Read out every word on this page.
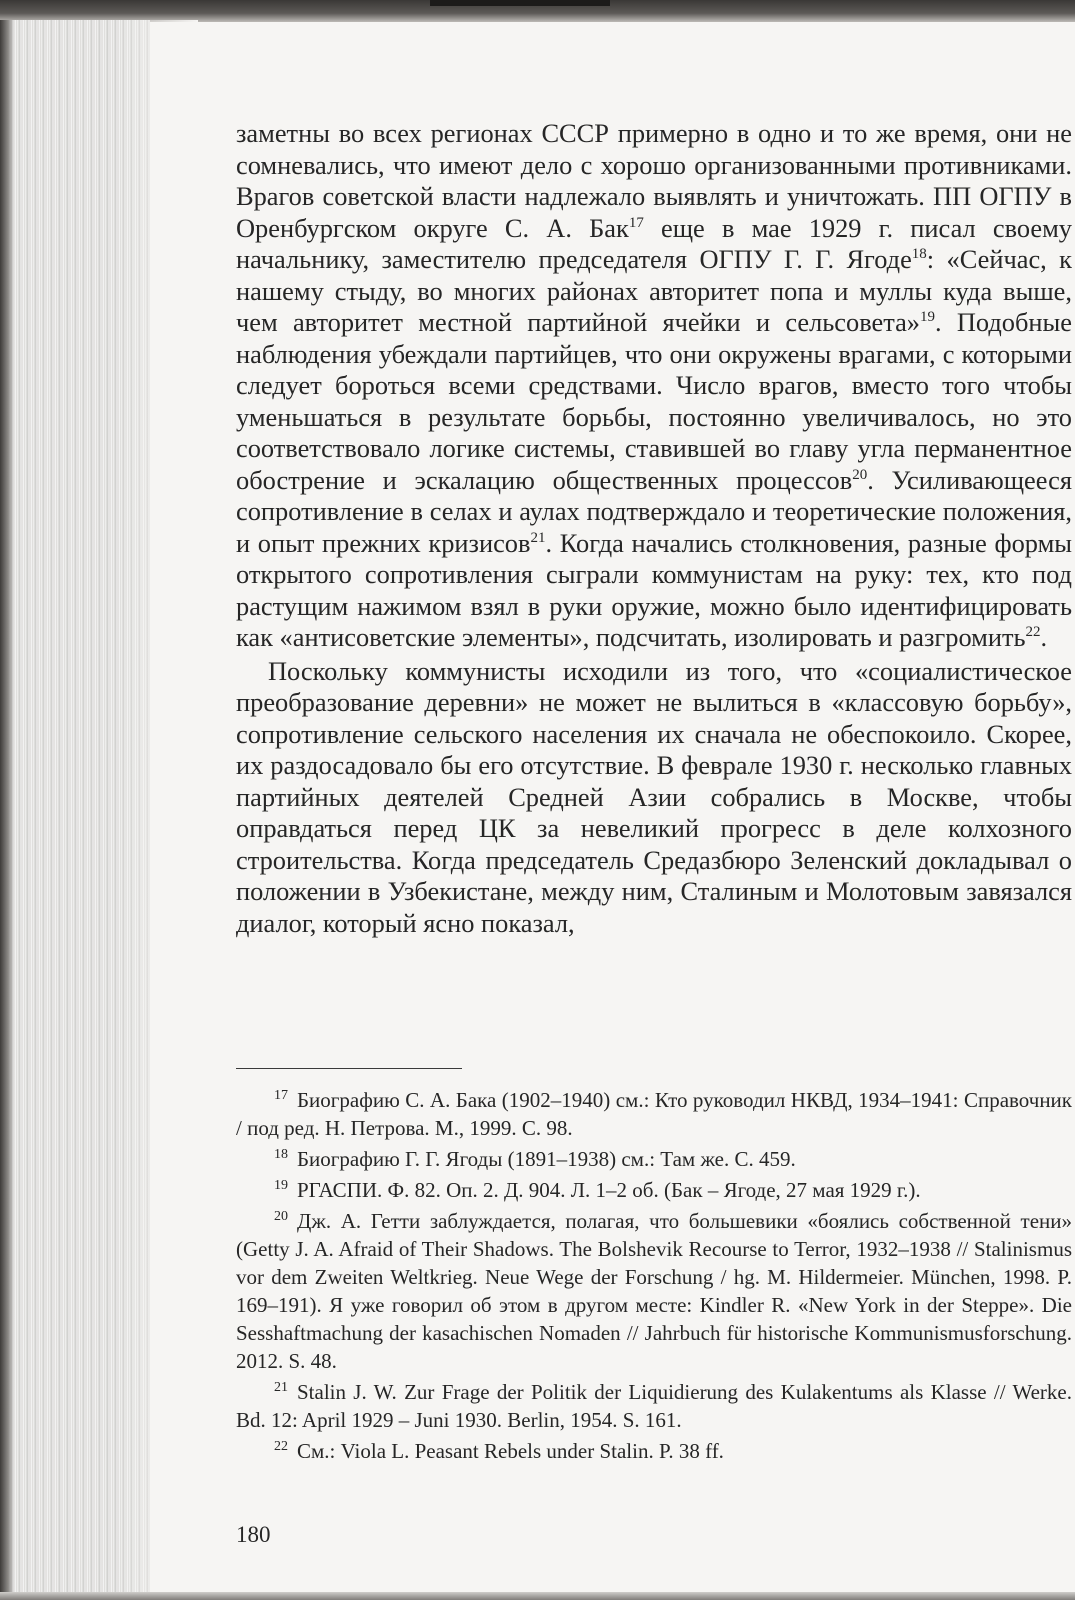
заметны во всех регионах СССР примерно в одно и то же время, они не сомневались, что имеют дело с хорошо организованными противниками. Врагов советской власти надлежало выявлять и уничтожать. ПП ОГПУ в Оренбургском округе С. А. Бак$^{17}$ еще в мае 1929 г. писал своему начальнику, заместителю председателя ОГПУ Г. Г. Ягоде$^{18}$: «Сейчас, к нашему стыду, во многих районах авторитет попа и муллы куда выше, чем авторитет местной партийной ячейки и сельсовета»$^{19}$. Подобные наблюдения убеждали партийцев, что они окружены врагами, с которыми следует бороться всеми средствами. Число врагов, вместо того чтобы уменьшаться в результате борьбы, постоянно увеличивалось, но это соответствовало логике системы, ставившей во главу угла перманентное обострение и эскалацию общественных процессов$^{20}$. Усиливающееся сопротивление в селах и аулах подтверждало и теоретические положения, и опыт прежних кризисов$^{21}$. Когда начались столкновения, разные формы открытого сопротивления сыграли коммунистам на руку: тех, кто под растущим нажимом взял в руки оружие, можно было идентифицировать как «антисоветские элементы», подсчитать, изолировать и разгромить$^{22}$.

Поскольку коммунисты исходили из того, что «социалистическое преобразование деревни» не может не вылиться в «классовую борьбу», сопротивление сельского населения их сначала не обеспокоило. Скорее, их раздосадовало бы его отсутствие. В феврале 1930 г. несколько главных партийных деятелей Средней Азии собрались в Москве, чтобы оправдаться перед ЦК за невеликий прогресс в деле колхозного строительства. Когда председатель Средазбюро Зеленский докладывал о положении в Узбекистане, между ним, Сталиным и Молотовым завязался диалог, который ясно показал,

$^{17}$ Биографию С. А. Бака (1902–1940) см.: Кто руководил НКВД, 1934–1941: Справочник / под ред. Н. Петрова. М., 1999. С. 98.

$^{18}$ Биографию Г. Г. Ягоды (1891–1938) см.: Там же. С. 459.

$^{19}$ РГАСПИ. Ф. 82. Оп. 2. Д. 904. Л. 1–2 об. (Бак – Ягоде, 27 мая 1929 г.).

$^{20}$ Дж. А. Гетти заблуждается, полагая, что большевики «боялись собственной тени» (Getty J. A. Afraid of Their Shadows. The Bolshevik Recourse to Terror, 1932–1938 // Stalinismus vor dem Zweiten Weltkrieg. Neue Wege der Forschung / hg. M. Hildermeier. München, 1998. P. 169–191). Я уже говорил об этом в другом месте: Kindler R. «New York in der Steppe». Die Sesshaftmachung der kasachischen Nomaden // Jahrbuch für historische Kommunismusforschung. 2012. S. 48.

$^{21}$ Stalin J. W. Zur Frage der Politik der Liquidierung des Kulakentums als Klasse // Werke. Bd. 12: April 1929 – Juni 1930. Berlin, 1954. S. 161.

$^{22}$ См.: Viola L. Peasant Rebels under Stalin. P. 38 ff.

180
